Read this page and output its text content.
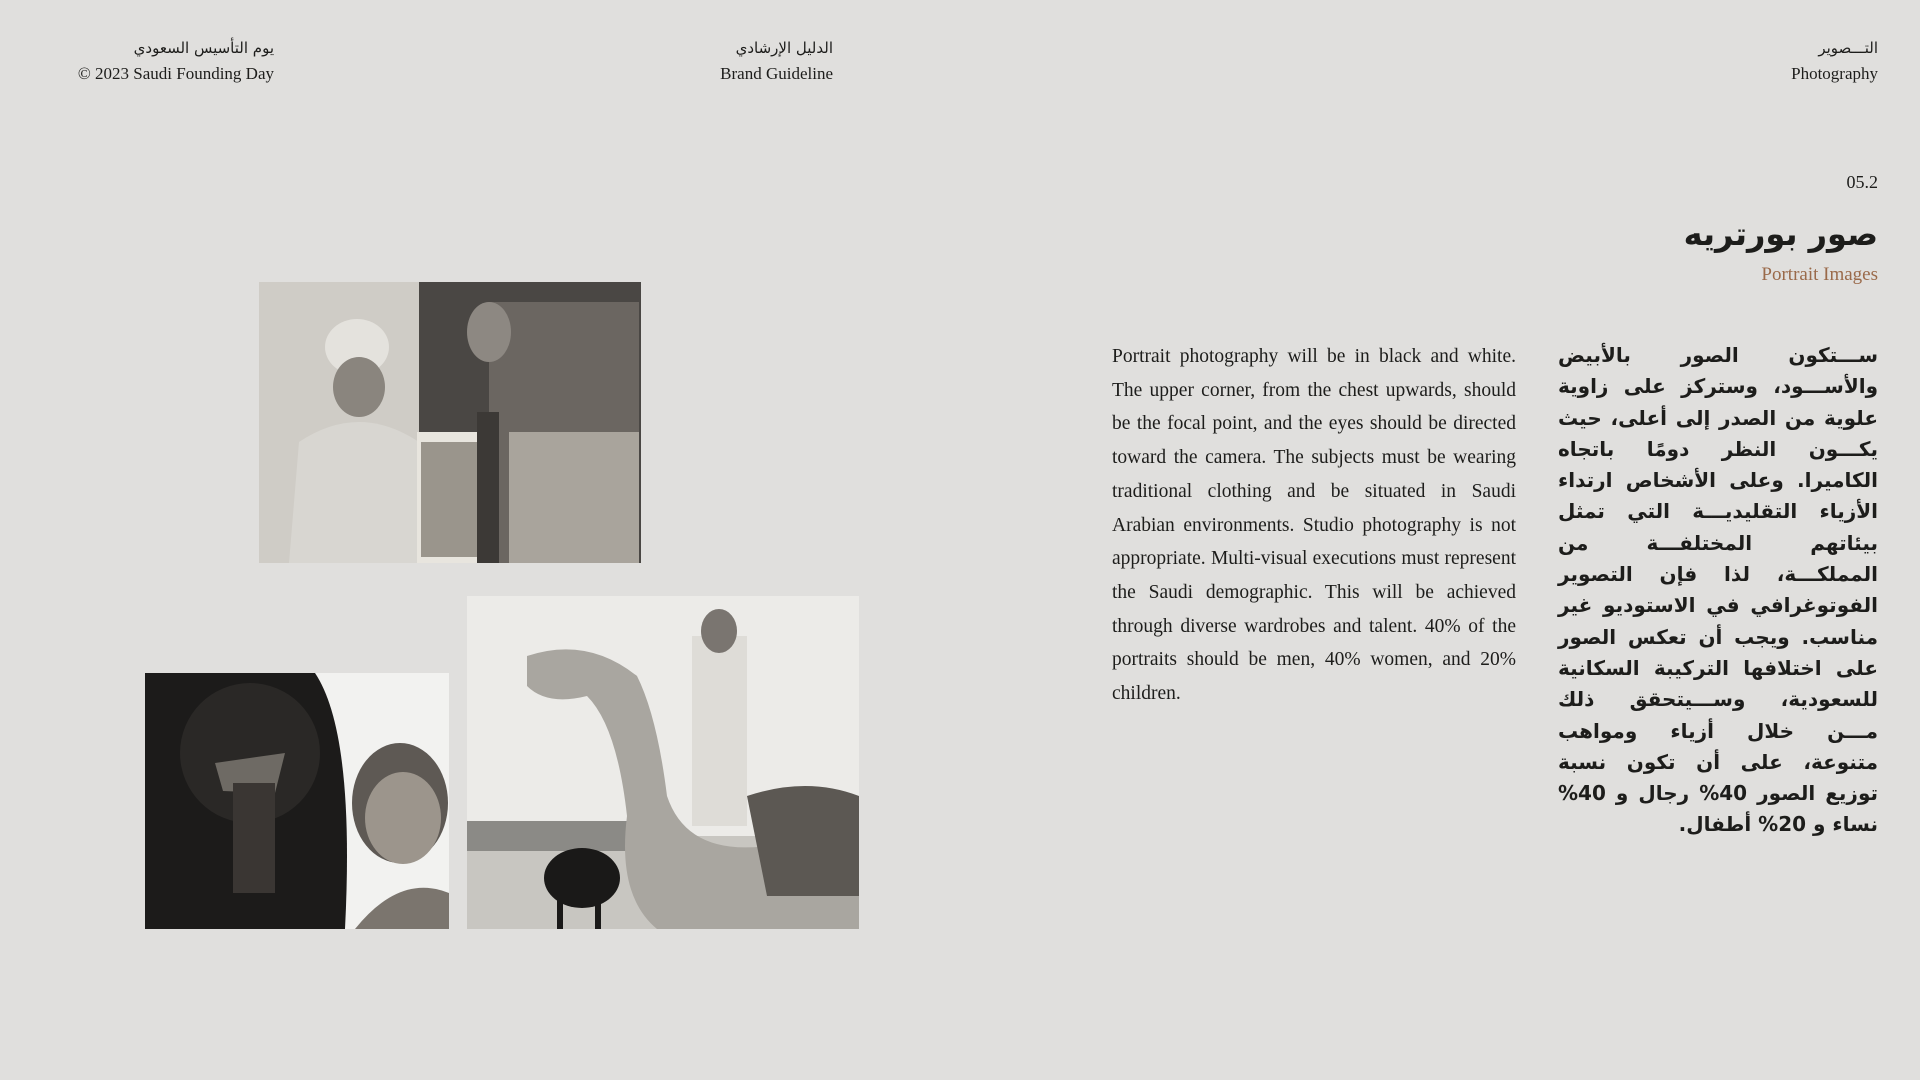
يوم التأسيس السعودي
© 2023 Saudi Founding Day
الدليل الإرشادي
Brand Guideline
التـــصوير
Photography
05.2
صور بورتريه
Portrait Images
Portrait photography will be in black and white. The upper corner, from the chest upwards, should be the focal point, and the eyes should be directed toward the camera. The subjects must be wearing traditional clothing and be situated in Saudi Arabian environments. Studio photography is not appropriate. Multi-visual executions must represent the Saudi demographic. This will be achieved through diverse wardrobes and talent. 40% of the portraits should be men, 40% women, and 20% children.
ســـتكون الصور بالأبيض والأســـود، وستركز على زاوية علوية من الصدر إلى أعلى، حيث يكـــون النظر دومًا باتجاه الكاميرا. وعلى الأشخاص ارتداء الأزياء التقليديـــة التي تمثل بيئاتهم المختلفـــة من المملكـــة، لذا فإن التصوير الفوتوغرافي في الاستوديو غير مناسب. ويجب أن تعكس الصور على اختلافها التركيبة السكانية للسعودية، وســـيتحقق ذلك مـــن خلال أزياء ومواهب متنوعة، على أن تكون نسبة توزيع الصور 40% رجال و 40% نساء و 20% أطفال.
